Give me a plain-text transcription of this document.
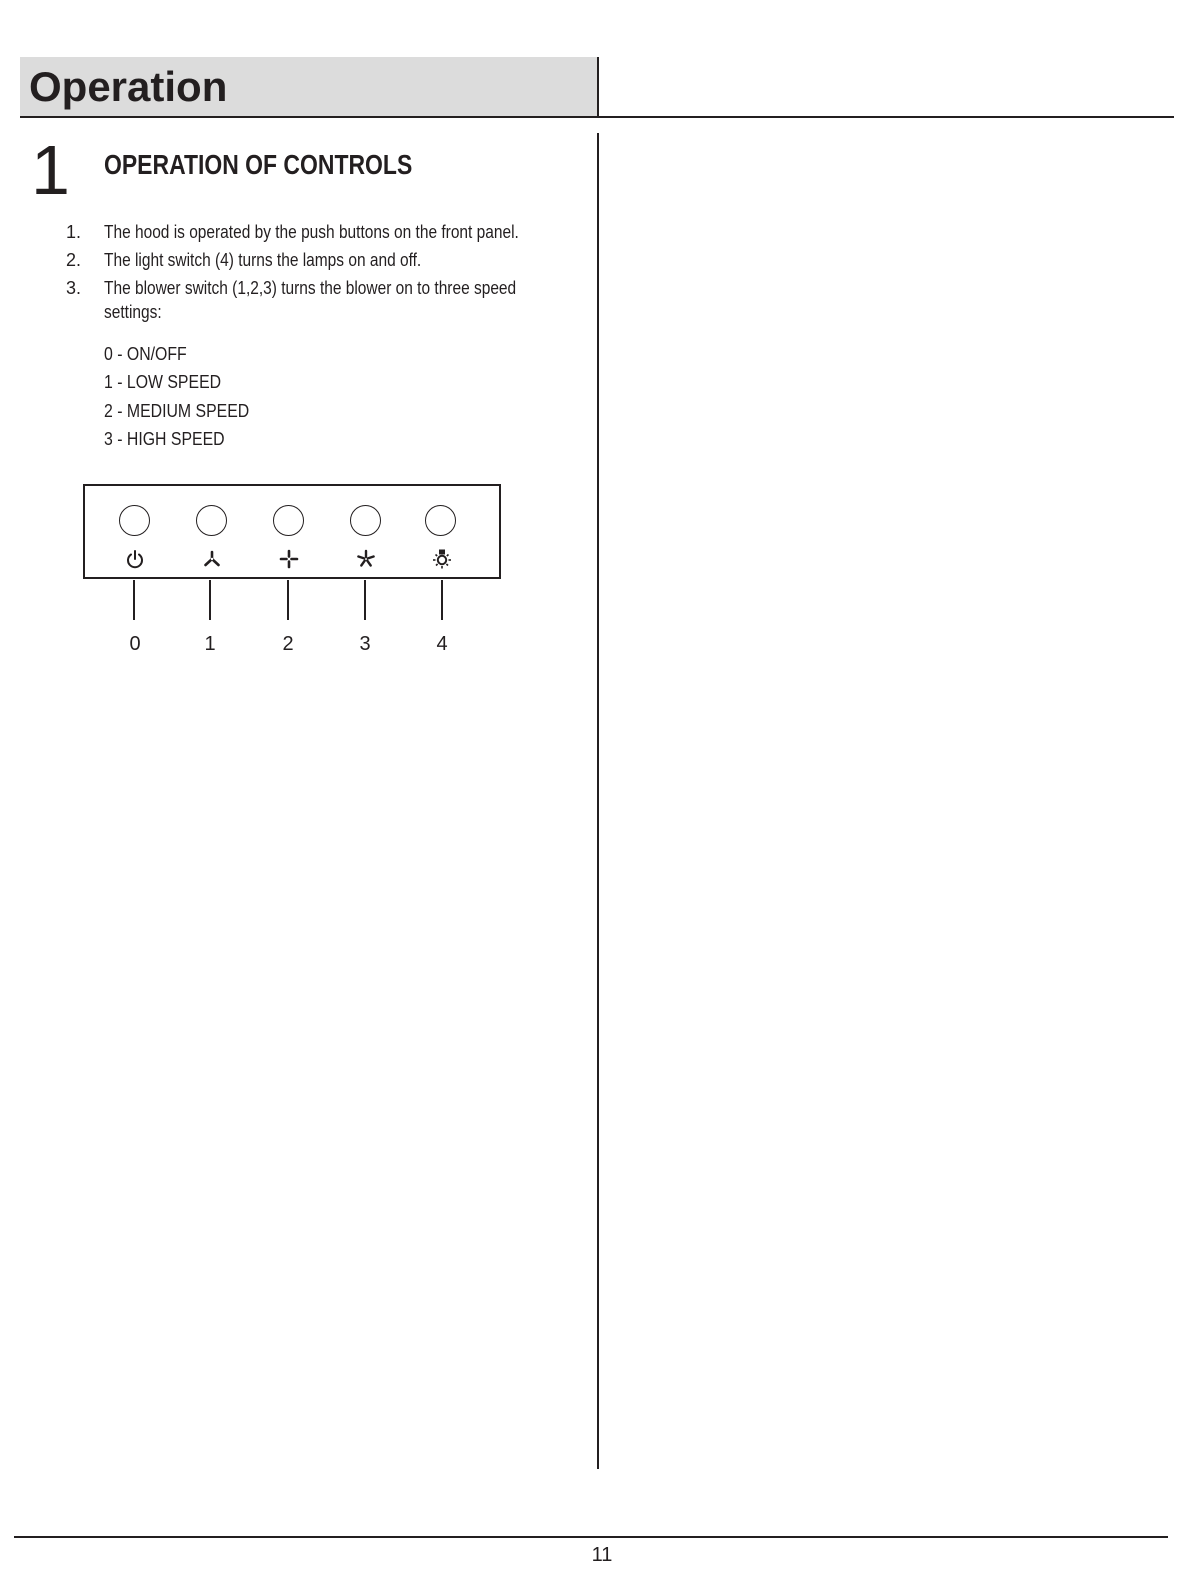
Operation
1 OPERATION OF CONTROLS
1. The hood is operated by the push buttons on the front panel.
2. The light switch (4) turns the lamps on and off.
3. The blower switch (1,2,3) turns the blower on to three speed
settings:
0 - ON/OFF
1 - LOW SPEED
2 - MEDIUM SPEED
3 - HIGH SPEED
0	1	2	3	4
11
